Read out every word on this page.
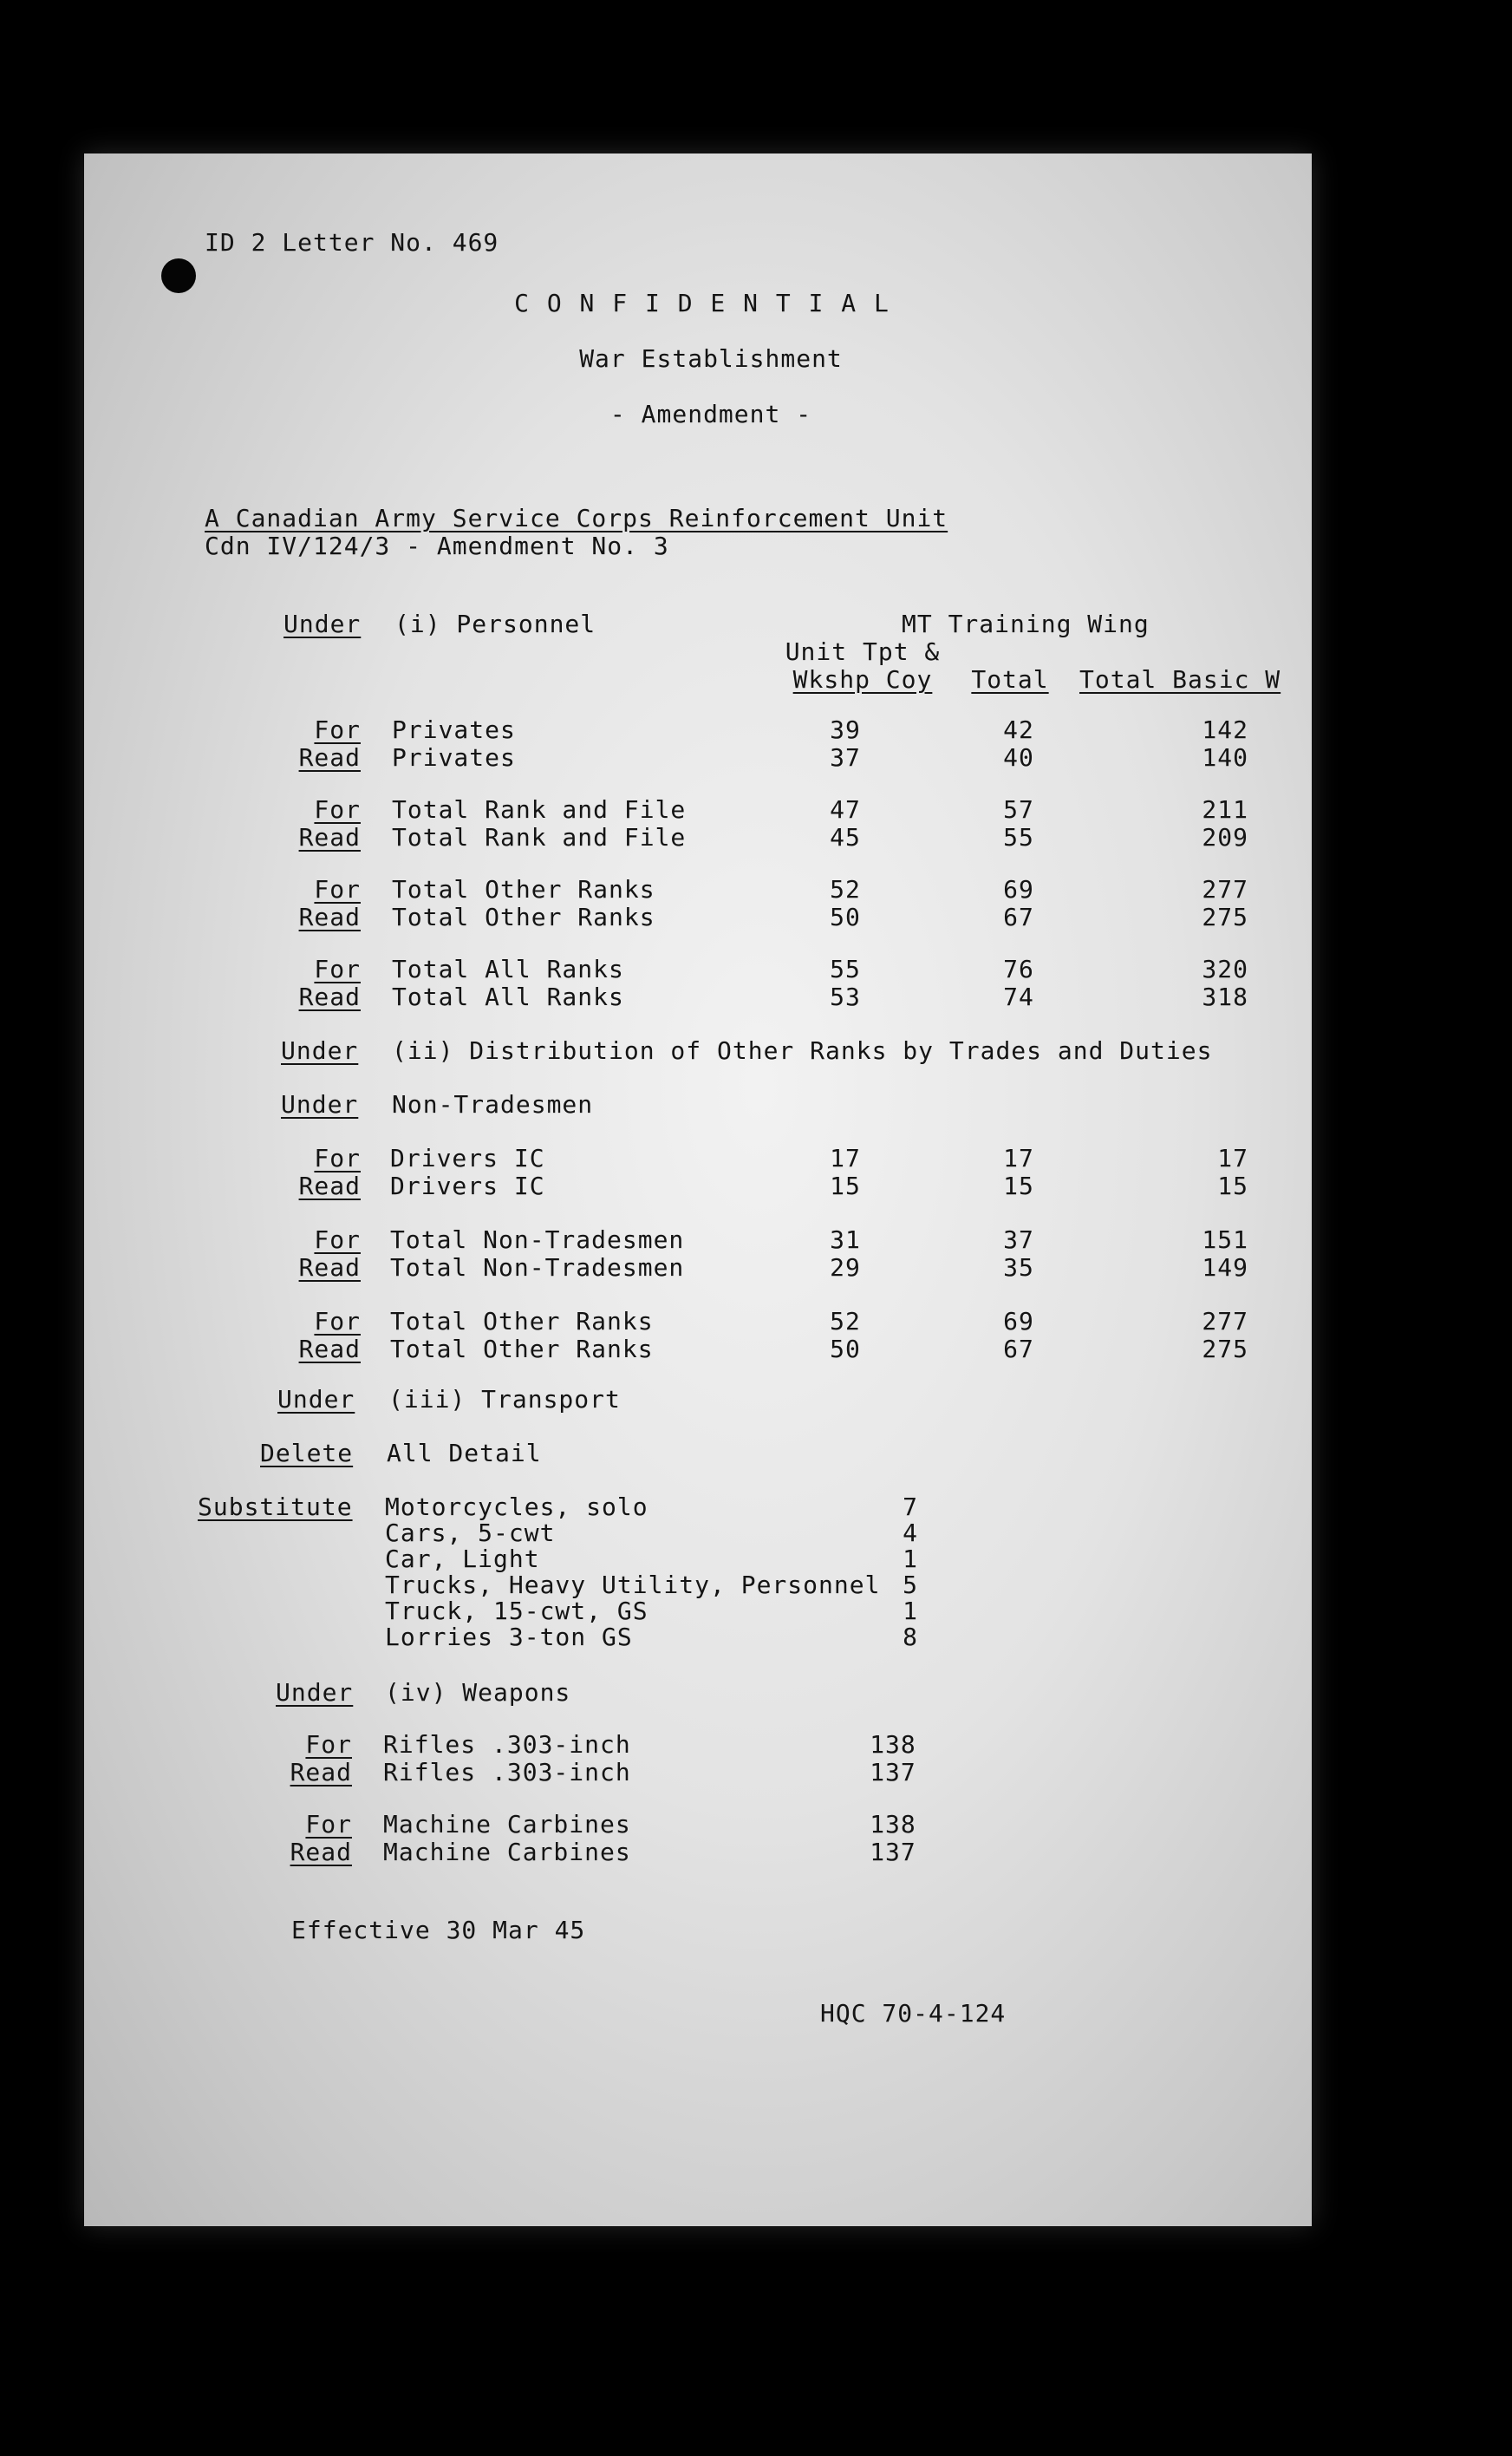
ID 2 Letter No. 469
C O N F I D E N T I A L
War Establishment
- Amendment -
A Canadian Army Service Corps Reinforcement Unit
Cdn IV/124/3 - Amendment No. 3
Under (i) Personnel	MT Training Wing
Unit Tpt &
Wkshp Coy	Total	Total Basic W
For Privates	39	42	142
Read Privates	37	40	140
For Total Rank and File	47	57	211
Read Total Rank and File	45	55	209
For Total Other Ranks	52	69	277
Read Total Other Ranks	50	67	275
For Total All Ranks	55	76	320
Read Total All Ranks	53	74	318
Under (ii) Distribution of Other Ranks by Trades and Duties
Under Non-Tradesmen
For Drivers IC	17	17	17
Read Drivers IC	15	15	15
For Total Non-Tradesmen	31	37	151
Read Total Non-Tradesmen	29	35	149
For Total Other Ranks	52	69	277
Read Total Other Ranks	50	67	275
Under (iii) Transport
Delete All Detail
Substitute Motorcycles, solo	7
Cars, 5-cwt	4
Car, Light	1
Trucks, Heavy Utility, Personnel 5
Truck, 15-cwt, GS	1
Lorries 3-ton GS	8
Under (iv) Weapons
For Rifles .303-inch	138
Read Rifles .303-inch	137
For Machine Carbines	138
Read Machine Carbines	137
Effective 30 Mar 45
HQC 70-4-124
